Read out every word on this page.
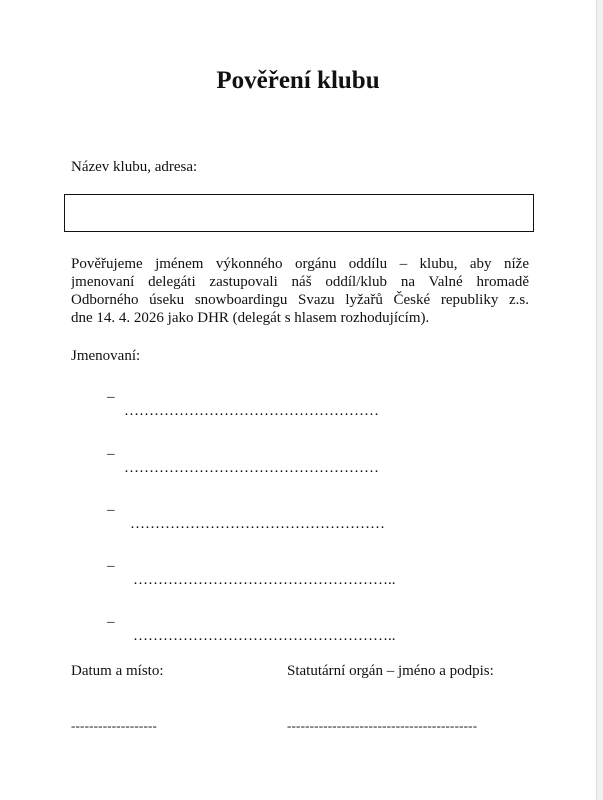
Pověření klubu
Název klubu, adresa:
Pověřujeme jménem výkonného orgánu oddílu – klubu, aby níže
jmenovaní delegáti zastupovali náš oddíl/klub na Valné hromadě
Odborného úseku snowboardingu Svazu lyžařů České republiky z.s.
dne 14. 4. 2026 jako DHR (delegát s hlasem rozhodujícím).
Jmenovaní:
–
……………………………………………
–
……………………………………………
–
……………………………………………
–
……………………………………………..
–
……………………………………………..
Datum a místo:	Statutární orgán – jméno a podpis:
-------------------	------------------------------------------
